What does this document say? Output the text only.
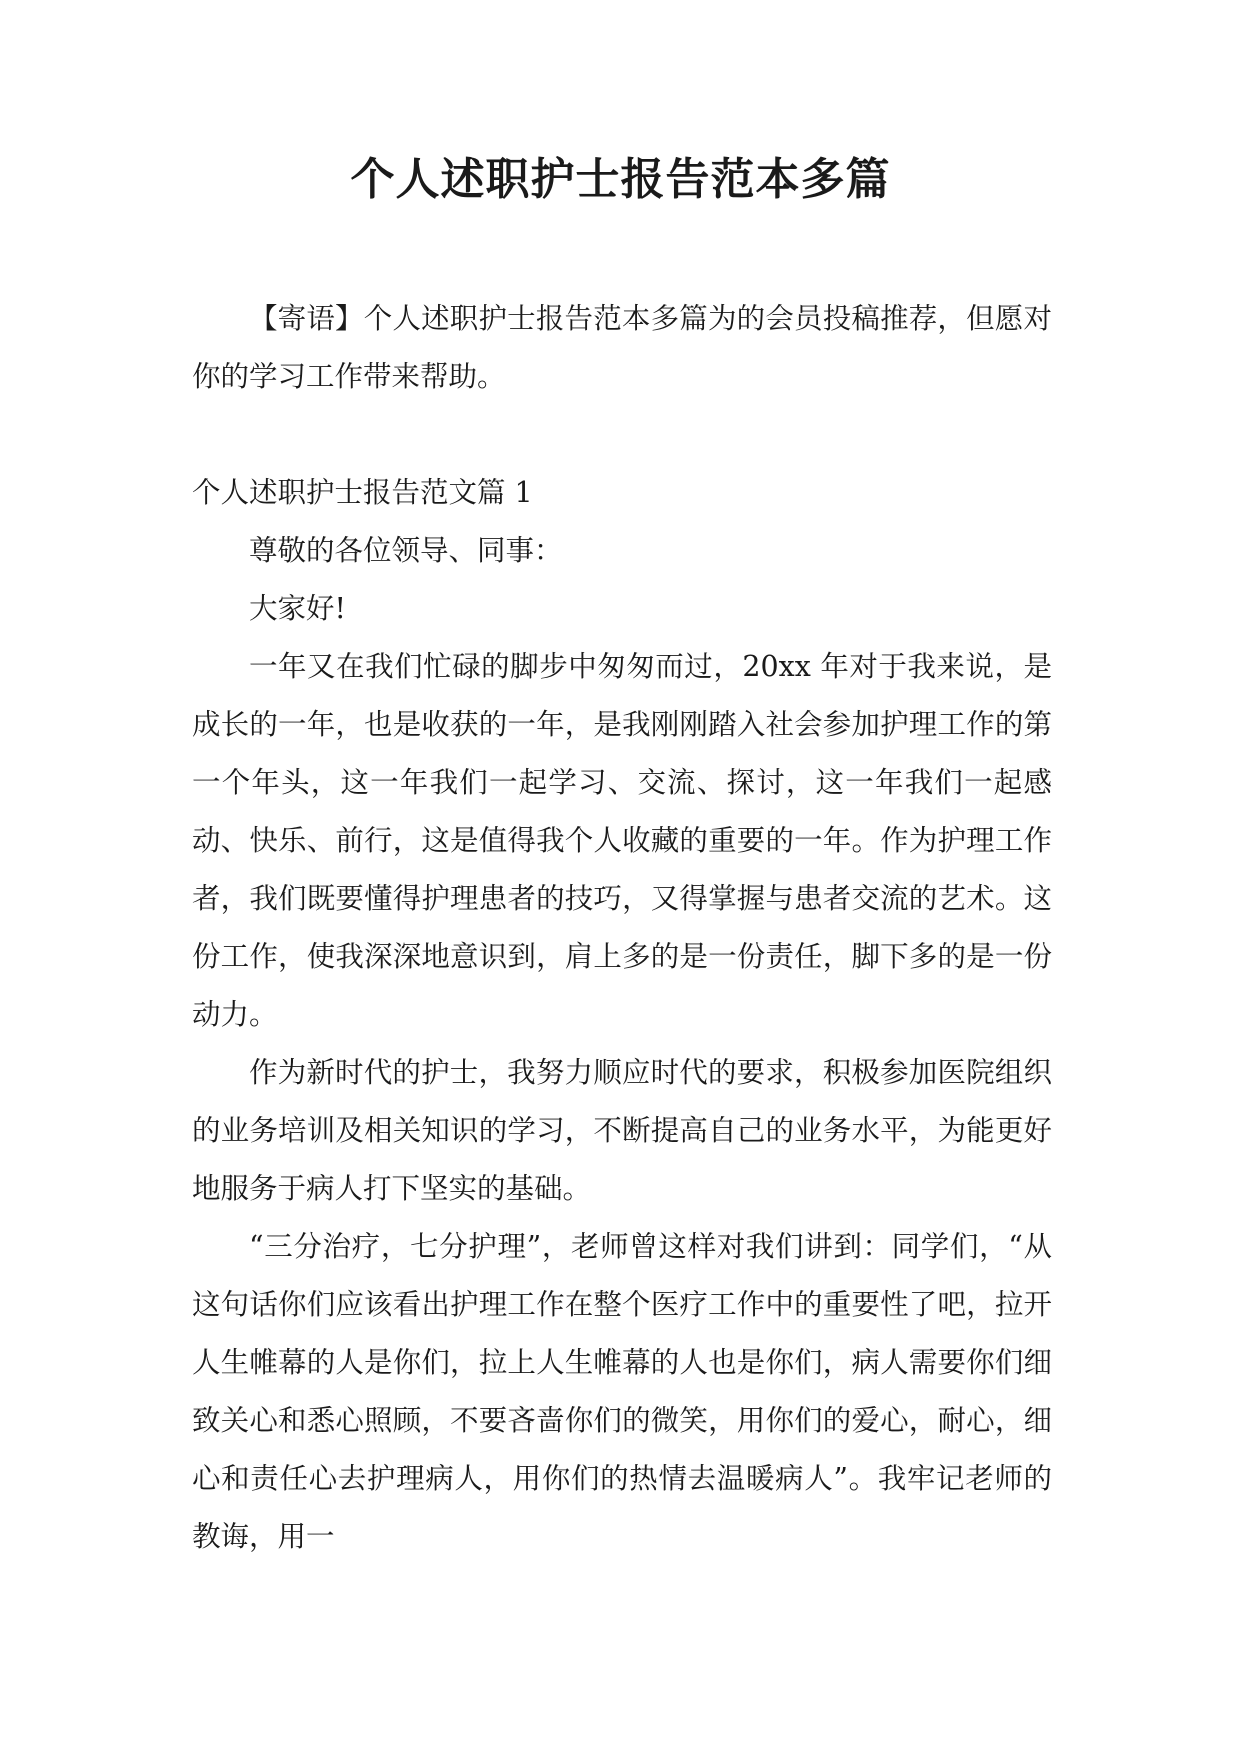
个人述职护士报告范本多篇

【寄语】个人述职护士报告范本多篇为的会员投稿推荐，但愿对你的学习工作带来帮助。

个人述职护士报告范文篇 1

尊敬的各位领导、同事：

大家好!

一年又在我们忙碌的脚步中匆匆而过，20xx 年对于我来说，是成长的一年，也是收获的一年，是我刚刚踏入社会参加护理工作的第一个年头，这一年我们一起学习、交流、探讨，这一年我们一起感动、快乐、前行，这是值得我个人收藏的重要的一年。作为护理工作者，我们既要懂得护理患者的技巧，又得掌握与患者交流的艺术。这份工作，使我深深地意识到，肩上多的是一份责任，脚下多的是一份动力。

作为新时代的护士，我努力顺应时代的要求，积极参加医院组织的业务培训及相关知识的学习，不断提高自己的业务水平，为能更好地服务于病人打下坚实的基础。

“三分治疗，七分护理”，老师曾这样对我们讲到：同学们，“从这句话你们应该看出护理工作在整个医疗工作中的重要性了吧，拉开人生帷幕的人是你们，拉上人生帷幕的人也是你们，病人需要你们细致关心和悉心照顾，不要吝啬你们的微笑，用你们的爱心，耐心，细心和责任心去护理病人，用你们的热情去温暖病人”。我牢记老师的教诲，用一
